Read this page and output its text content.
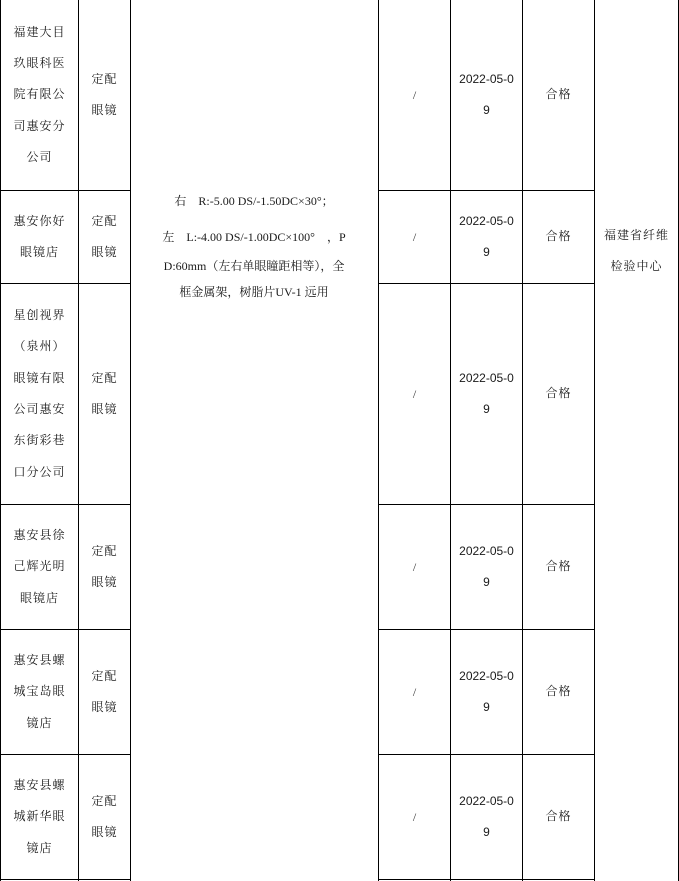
福建大目玖眼科医院有限公司惠安分公司
定配眼镜
/
2022-05-09
合格
惠安你好眼镜店
定配眼镜
/
2022-05-09
合格
星创视界（泉州）眼镜有限公司惠安东街彩巷口分公司
定配眼镜
/
2022-05-09
合格
惠安县徐己辉光明眼镜店
定配眼镜
/
2022-05-09
合格
惠安县螺城宝岛眼镜店
定配眼镜
/
2022-05-09
合格
惠安县螺城新华眼镜店
定配眼镜
/
2022-05-09
合格

右　R:-5.00 DS/-1.50DC×30°；

左　L:-4.00 DS/-1.00DC×100°　，P

D:60mm（左右单眼瞳距相等），全

框金属架，树脂片UV-1 远用

福建省纤维检验中心
